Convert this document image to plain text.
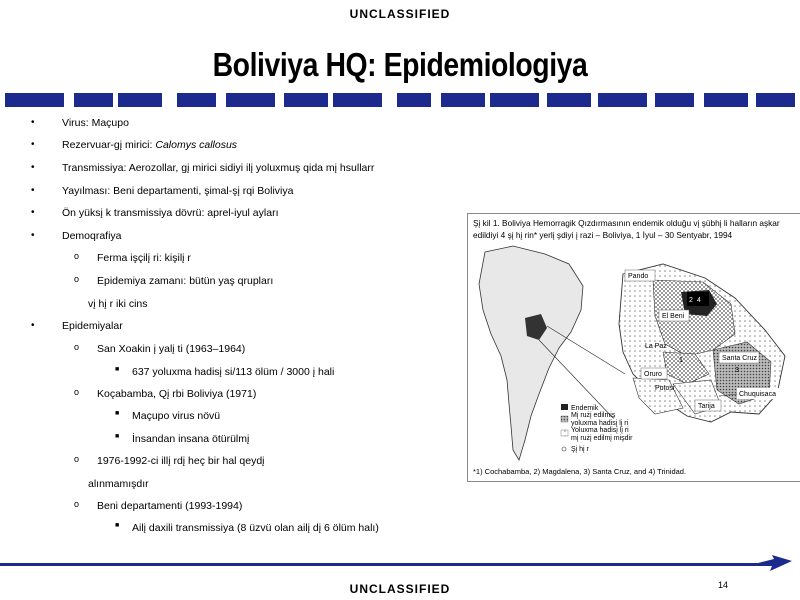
UNCLASSIFIED
Boliviya HQ: Epidemiologiya
•	Virus: Maçupo
•	Rezervuar-gį mirici: Calomys callosus
•	Transmissiya: Aerozollar, gį mirici sidiyi ilį yoluxmuş qida mį hsullarr
•	Yayılması: Beni departamenti, şimal-şį rqi Boliviya
•	Ön yüksį k transmissiya dövrü: aprel-iyul ayları
•	Demoqrafiya
o Ferma işçilį ri: kişilį r
o Epidemiya zamanı: bütün yaş qrupları
vį hį r iki cins
•	Epidemiyalar
o San Xoakin į yalį ti (1963–1964)
■ 637 yoluxma hadisį si/113 ölüm / 3000 į hali
o Koçabamba, Qį rbi Boliviya (1971)
■ Maçupo virus növü
■ İnsandan insana ötürülmį
o 1976-1992-ci illį rdį heç bir hal qeydį
alınmamışdır
o Beni departamenti (1993-1994)
■ Ailį daxili transmissiya (8 üzvü olan ailį dį 6 ölüm halı)
Şį kil 1. Boliviya Hemorragik Qızdırmasının endemik olduğu vį şübhį li halların aşkar edildiyi 4 şį hį rin* yerlį şdiyi į razi – Boliviya, 1 İyul – 30 Sentyabr, 1994
Pando
2 4
El Beni
La Paz
1	Santa Cruz
3
Oruro
Potosi
Tarija
Chuquisaca
Endemik
Mį rużį edilmiş
yoluxma hadisį lį ri
Yoluxma hadisį lį ri
mį rużį edilmį mişdir
Şį hį r
*1) Cochabamba, 2) Magdalena, 3) Santa Cruz, and 4) Trinidad.
14
UNCLASSIFIED
